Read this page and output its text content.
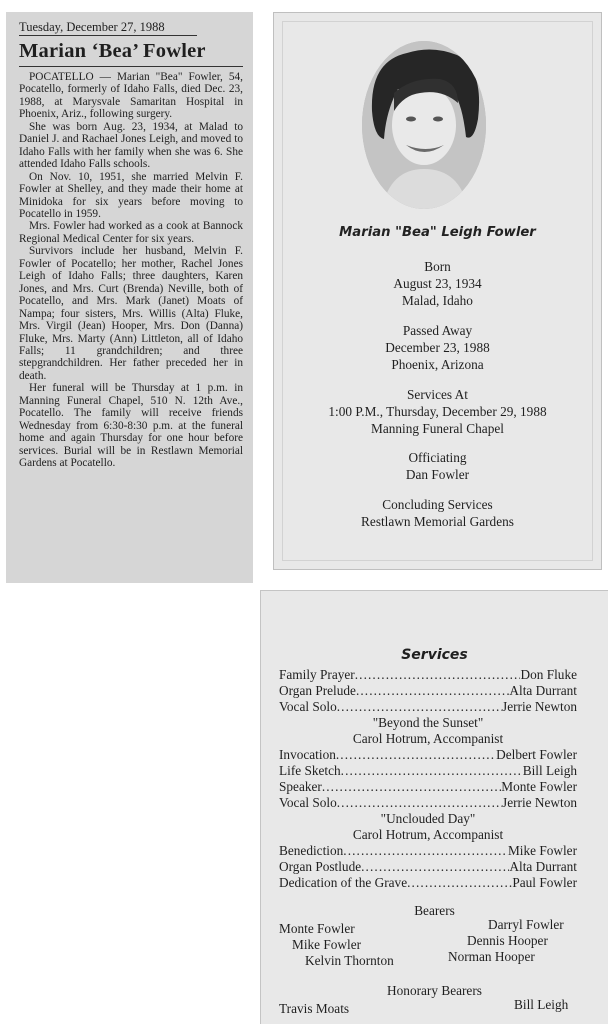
Tuesday, December 27, 1988
Marian ‘Bea’ Fowler

POCATELLO — Marian "Bea" Fowler, 54, Pocatello, formerly of Idaho Falls, died Dec. 23, 1988, at Marysvale Samaritan Hospital in Phoenix, Ariz., following surgery.

She was born Aug. 23, 1934, at Malad to Daniel J. and Rachael Jones Leigh, and moved to Idaho Falls with her family when she was 6. She attended Idaho Falls schools.

On Nov. 10, 1951, she married Melvin F. Fowler at Shelley, and they made their home at Minidoka for six years before moving to Pocatello in 1959.

Mrs. Fowler had worked as a cook at Bannock Regional Medical Center for six years.

Survivors include her husband, Melvin F. Fowler of Pocatello; her mother, Rachel Jones Leigh of Idaho Falls; three daughters, Karen Jones, and Mrs. Curt (Brenda) Neville, both of Pocatello, and Mrs. Mark (Janet) Moats of Nampa; four sisters, Mrs. Willis (Alta) Fluke, Mrs. Virgil (Jean) Hooper, Mrs. Don (Danna) Fluke, Mrs. Marty (Ann) Littleton, all of Idaho Falls; 11 grandchildren; and three stepgrandchildren. Her father preceded her in death.

Her funeral will be Thursday at 1 p.m. in Manning Funeral Chapel, 510 N. 12th Ave., Pocatello. The family will receive friends Wednesday from 6:30-8:30 p.m. at the funeral home and again Thursday for one hour before services. Burial will be in Restlawn Memorial Gardens at Pocatello.

Marian "Bea" Leigh Fowler
Born
August 23, 1934
Malad, Idaho
Passed Away
December 23, 1988
Phoenix, Arizona
Services At
1:00 P.M., Thursday, December 29, 1988
Manning Funeral Chapel
Officiating
Dan Fowler
Concluding Services
Restlawn Memorial Gardens
Services
Family Prayer .....	Don Fluke
Organ Prelude .....	Alta Durrant
Vocal Solo .....	Jerrie Newton
"Beyond the Sunset"
Carol Hotrum, Accompanist
Invocation .....	Delbert Fowler
Life Sketch .....	Bill Leigh
Speaker .....	Monte Fowler
Vocal Solo .....	Jerrie Newton
"Unclouded Day"
Carol Hotrum, Accompanist
Benediction .....	Mike Fowler
Organ Postlude .....	Alta Durrant
Dedication of the Grave .....	Paul Fowler
Bearers
Monte Fowler	Darryl Fowler
Mike Fowler	Dennis Hooper
Kelvin Thornton	Norman Hooper
Honorary Bearers
Travis Moats	Bill Leigh
